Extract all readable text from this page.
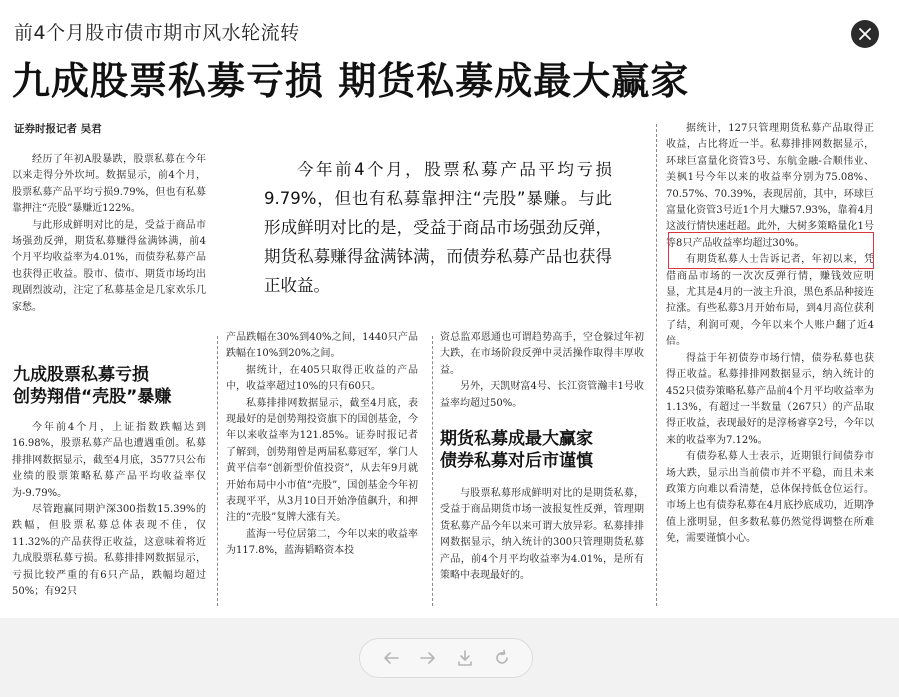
前4个月股市债市期市风水轮流转
九成股票私募亏损 期货私募成最大赢家
证券时报记者 吴君

经历了年初A股暴跌，股票私募在今年以来走得分外坎坷。数据显示，前4个月，股票私募产品平均亏损9.79%，但也有私募靠押注“壳股”暴赚近122%。

与此形成鲜明对比的是，受益于商品市场强劲反弹，期货私募赚得盆满钵满，前4个月平均收益率为4.01%，而债券私募产品也获得正收益。股市、债市、期货市场均出现剧烈波动，注定了私募基金是几家欢乐几家愁。

今年前4个月，股票私募产品平均亏损9.79%，但也有私募靠押注“壳股”暴赚。与此形成鲜明对比的是，受益于商品市场强劲反弹，期货私募赚得盆满钵满，而债券私募产品也获得正收益。
九成股票私募亏损
创势翔借“壳股”暴赚

今年前4个月，上证指数跌幅达到16.98%，股票私募产品也遭遇重创。私募排排网数据显示，截至4月底，3577只公布业绩的股票策略私募产品平均收益率仅为-9.79%。

尽管跑赢同期沪深300指数15.39%的跌幅，但股票私募总体表现不佳，仅11.32%的产品获得正收益，这意味着将近九成股票私募亏损。私募排排网数据显示，亏损比较严重的有6只产品，跌幅均超过50%；有92只

产品跌幅在30%到40%之间，1440只产品跌幅在10%到20%之间。

据统计，在405只取得正收益的产品中，收益率超过10%的只有60只。

私募排排网数据显示，截至4月底，表现最好的是创势翔投资旗下的国创基金，今年以来收益率为121.85%。证券时报记者了解到，创势翔曾是两届私募冠军，掌门人黄平信奉“创新型价值投资”，从去年9月就开始布局中小市值“壳股”，国创基金今年初表现平平，从3月10日开始净值飙升，和押注的“壳股”复牌大涨有关。

蓝海一号位居第二，今年以来的收益率为117.8%，蓝海韬略资本投

资总监邓恩通也可谓趋势高手，空仓躲过年初大跌，在市场阶段反弹中灵活操作取得丰厚收益。

另外，天凯财富4号、长江资管瀚丰1号收益率均超过50%。

期货私募成最大赢家
债券私募对后市谨慎

与股票私募形成鲜明对比的是期货私募，受益于商品期货市场一波报复性反弹，管理期货私募产品今年以来可谓大放异彩。私募排排网数据显示，纳入统计的300只管理期货私募产品，前4个月平均收益率为4.01%，是所有策略中表现最好的。

据统计，127只管理期货私募产品取得正收益，占比将近一半。私募排排网数据显示，环球巨富量化资管3号、东航金融-合顺伟业、美枫1号今年以来的收益率分别为75.08%、70.57%、70.39%，表现居前，其中，环球巨富量化资管3号近1个月大赚57.93%，靠着4月这波行情快速赶超。此外，大树多策略量化1号等8只产品收益率均超过30%。

有期货私募人士告诉记者，年初以来，凭借商品市场的一次次反弹行情，赚钱效应明显，尤其是4月的一波主升浪，黑色系品种接连拉涨。有些私募3月开始布局，到4月高位获利了结，利润可观，今年以来个人账户翻了近4倍。

得益于年初债券市场行情，债券私募也获得正收益。私募排排网数据显示，纳入统计的452只债券策略私募产品前4个月平均收益率为1.13%，有超过一半数量（267只）的产品取得正收益，表现最好的是淳杨睿享2号，今年以来的收益率为7.12%。

有债券私募人士表示，近期银行间债券市场大跌，显示出当前债市并不平稳，而且未来政策方向难以看清楚，总体保持低仓位运行。市场上也有债券私募在4月底抄底成功，近期净值上涨明显，但多数私募仍然觉得调整在所难免，需要谨慎小心。
